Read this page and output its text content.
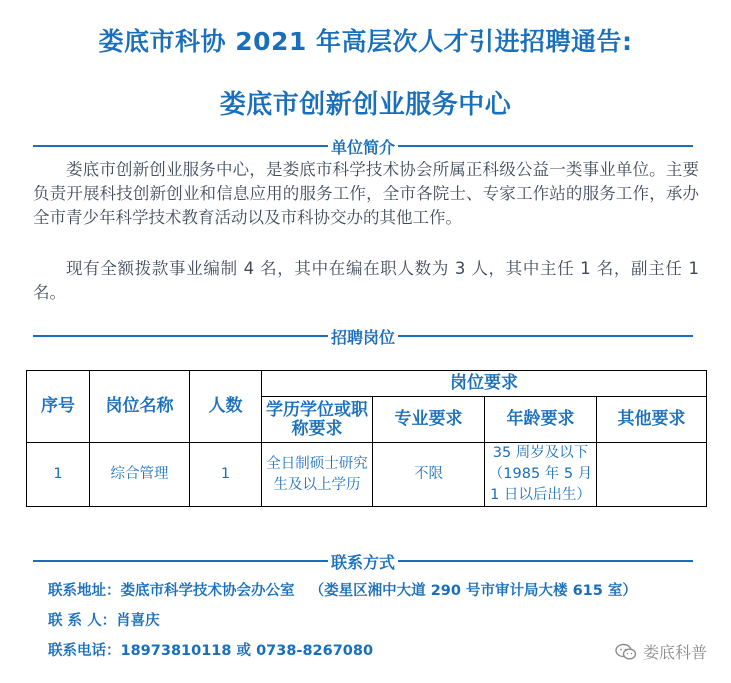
娄底市科协 2021 年高层次人才引进招聘通告:
娄底市创新创业服务中心
单位简介

娄底市创新创业服务中心，是娄底市科学技术协会所属正科级公益一类事业单位。主要负责开展科技创新创业和信息应用的服务工作，全市各院士、专家工作站的服务工作，承办全市青少年科学技术教育活动以及市科协交办的其他工作。

现有全额拨款事业编制 4 名，其中在编在职人数为 3 人，其中主任 1 名，副主任 1 名。

招聘岗位
序号	岗位名称	人数	岗位要求			
			学历学位或职称要求	专业要求	年龄要求	其他要求
1	综合管理	1	全日制硕士研究生及以上学历	不限	35 周岁及以下（1985 年 5 月 1 日以后出生）	
联系方式
联系地址：娄底市科学技术协会办公室 （娄星区湘中大道 290 号市审计局大楼 615 室）
联 系 人：肖喜庆
联系电话：18973810118 或 0738-8267080	娄底科普
